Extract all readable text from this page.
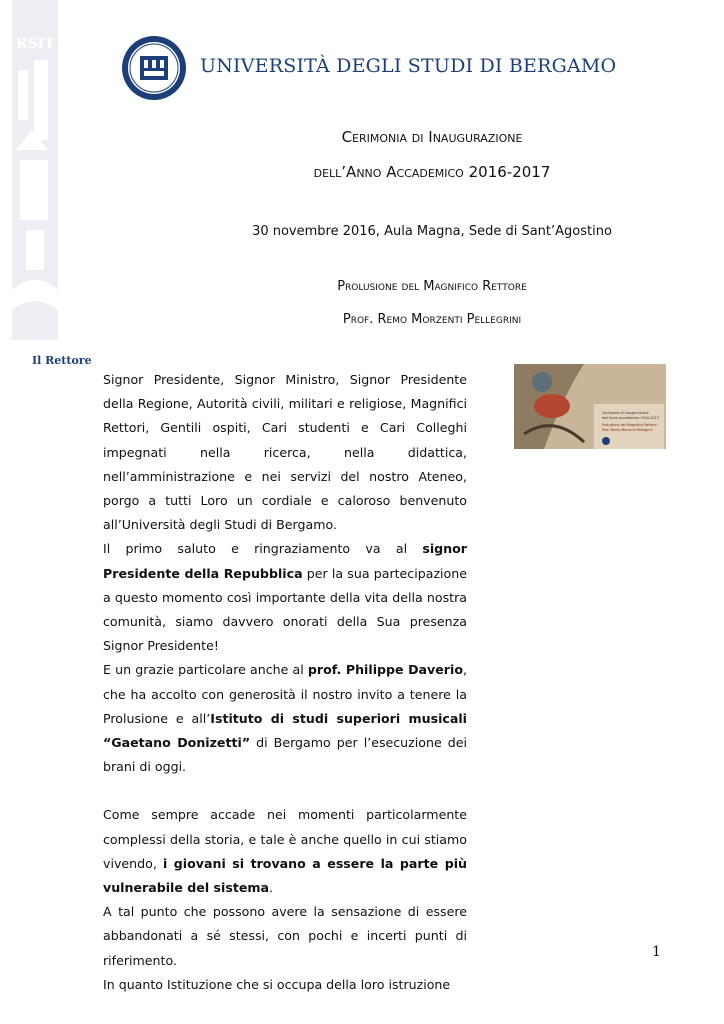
RSIT
UNIVERSITÀ DEGLI STUDI DI BERGAMO
Cerimonia di Inaugurazione
dell’Anno Accademico 2016-2017
30 novembre 2016, Aula Magna, Sede di Sant’Agostino
Prolusione del Magnifico Rettore
Prof. Remo Morzenti Pellegrini
Il Rettore
Cerimonia di Inaugurazione
dell’Anno Accademico 2016-2017
Prolusione del Magnifico Rettore
Prof. Remo Morzenti Pellegrini

Signor Presidente, Signor Ministro, Signor Presidente della Regione, Autorità civili, militari e religiose, Magnifici Rettori, Gentili ospiti, Cari studenti e Cari Colleghi impegnati nella ricerca, nella didattica, nell’amministrazione e nei servizi del nostro Ateneo, porgo a tutti Loro un cordiale e caloroso benvenuto all’Università degli Studi di Bergamo.

Il primo saluto e ringraziamento va al signor Presidente della Repubblica per la sua partecipazione a questo momento così importante della vita della nostra comunità, siamo davvero onorati della Sua presenza Signor Presidente!

E un grazie particolare anche al prof. Philippe Daverio, che ha accolto con generosità il nostro invito a tenere la Prolusione e all’Istituto di studi superiori musicali “Gaetano Donizetti” di Bergamo per l’esecuzione dei brani di oggi.

Come sempre accade nei momenti particolarmente complessi della storia, e tale è anche quello in cui stiamo vivendo, i giovani si trovano a essere la parte più vulnerabile del sistema.

A tal punto che possono avere la sensazione di essere abbandonati a sé stessi, con pochi e incerti punti di riferimento.

In quanto Istituzione che si occupa della loro istruzione

1
